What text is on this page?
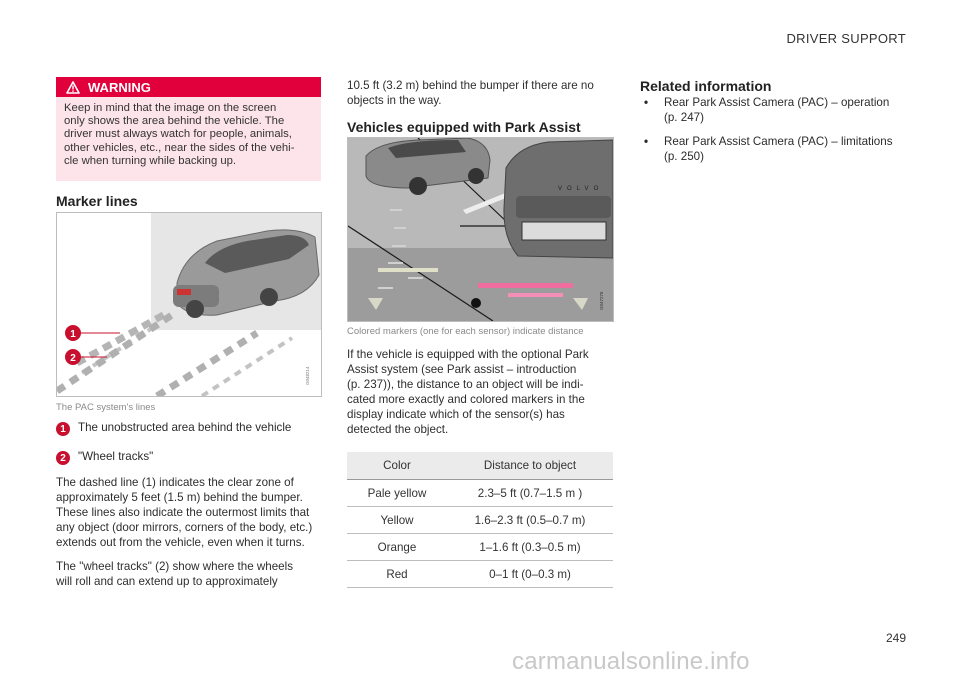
DRIVER SUPPORT
WARNING
Keep in mind that the image on the screen
only shows the area behind the vehicle. The
driver must always watch for people, animals,
other vehicles, etc., near the sides of the vehi-
cle when turning while backing up.
Marker lines
1
2
G048214
The PAC system's lines
1	The unobstructed area behind the vehicle
2	"Wheel tracks"
The dashed line (1) indicates the clear zone of
approximately 5 feet (1.5 m) behind the bumper.
These lines also indicate the outermost limits that
any object (door mirrors, corners of the body, etc.)
extends out from the vehicle, even when it turns.
The "wheel tracks" (2) show where the wheels
will roll and can extend up to approximately
10.5 ft (3.2 m) behind the bumper if there are no
objects in the way.
Vehicles equipped with Park Assist
VOLVO
G047276
Colored markers (one for each sensor) indicate distance
If the vehicle is equipped with the optional Park
Assist system (see Park assist – introduction
(p. 237)), the distance to an object will be indi-
cated more exactly and colored markers in the
display indicate which of the sensor(s) has
detected the object.
Color	Distance to object
Pale yellow	2.3–5 ft (0.7–1.5 m )
Yellow	1.6–2.3 ft (0.5–0.7 m)
Orange	1–1.6 ft (0.3–0.5 m)
Red	0–1 ft (0–0.3 m)
Related information
• Rear Park Assist Camera (PAC) – operation
(p. 247)
• Rear Park Assist Camera (PAC) – limitations
(p. 250)
249
carmanualsonline.info
